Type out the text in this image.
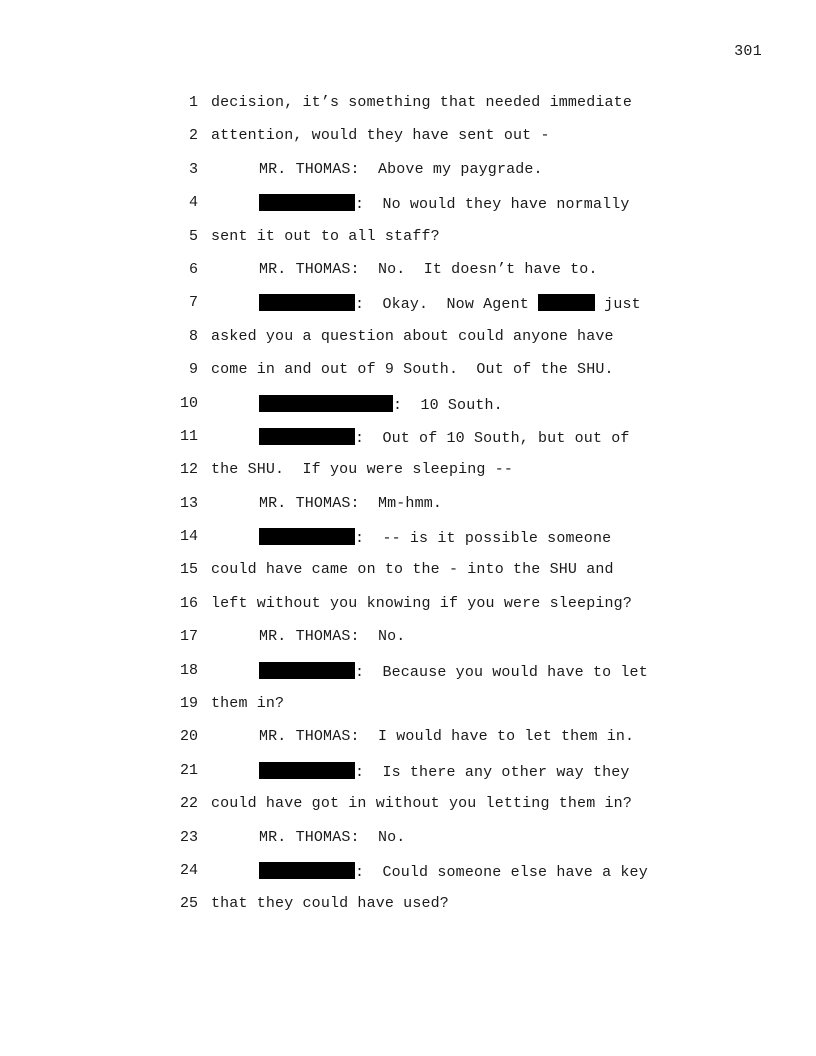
301

1

decision, it’s something that needed immediate

2

attention, would they have sent out -

3

	MR. THOMAS:  Above my paygrade.

4

	:  No would they have normally

5

sent it out to all staff?

6

	MR. THOMAS:  No.  It doesn’t have to.

7

	:  Okay.  Now Agent	just

8

asked you a question about could anyone have

9

come in and out of 9 South.  Out of the SHU.

10

	:  10 South.

11

	:  Out of 10 South, but out of

12

the SHU.  If you were sleeping --

13

	MR. THOMAS:  Mm-hmm.

14

	:  -- is it possible someone

15

could have came on to the - into the SHU and

16

left without you knowing if you were sleeping?

17

	MR. THOMAS:  No.

18

	:  Because you would have to let

19

them in?

20

	MR. THOMAS:  I would have to let them in.

21

	:  Is there any other way they

22

could have got in without you letting them in?

23

	MR. THOMAS:  No.

24

	:  Could someone else have a key

25

that they could have used?
